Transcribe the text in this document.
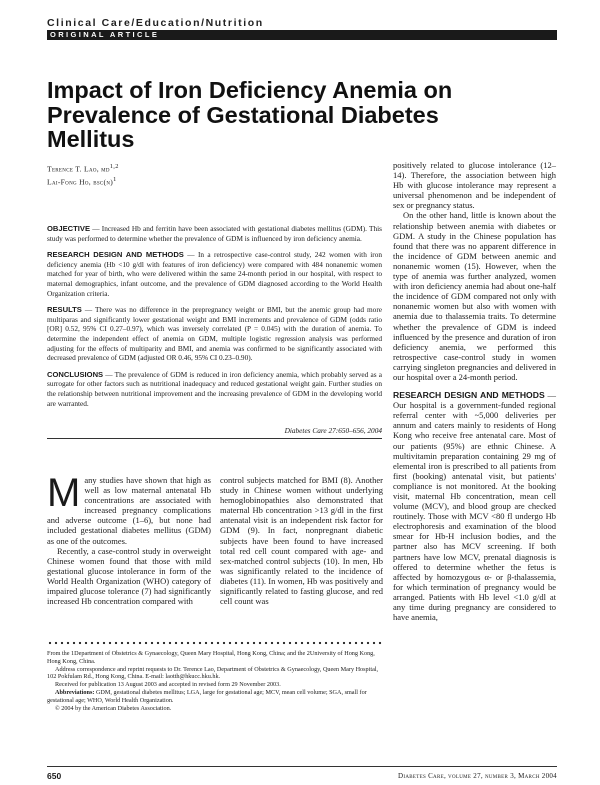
Clinical Care/Education/Nutrition
ORIGINAL ARTICLE
Impact of Iron Deficiency Anemia on Prevalence of Gestational Diabetes Mellitus
Terence T. Lao, md$^{1,2}$
Lai-Fong Ho, $bsc(n)^1$

OBJECTIVE — Increased Hb and ferritin have been associated with gestational diabetes mellitus (GDM). This study was performed to determine whether the prevalence of GDM is influenced by iron deficiency anemia.

RESEARCH DESIGN AND METHODS — In a retrospective case-control study, 242 women with iron deficiency anemia (Hb <10 g/dl with features of iron deficiency) were compared with 484 nonanemic women matched for year of birth, who were delivered within the same 24-month period in our hospital, with respect to maternal demographics, infant outcome, and the prevalence of GDM diagnosed according to the World Health Organization criteria.

RESULTS — There was no difference in the prepregnancy weight or BMI, but the anemic group had more multiparas and significantly lower gestational weight and BMI increments and prevalence of GDM (odds ratio [OR] 0.52, 95% CI 0.27–0.97), which was inversely correlated (P = 0.045) with the duration of anemia. To determine the independent effect of anemia on GDM, multiple logistic regression analysis was performed adjusting for the effects of multiparity and BMI, and anemia was confirmed to be significantly associated with decreased prevalence of GDM (adjusted OR 0.46, 95% CI 0.23–0.90).

CONCLUSIONS — The prevalence of GDM is reduced in iron deficiency anemia, which probably served as a surrogate for other factors such as nutritional inadequacy and reduced gestational weight gain. Further studies on the relationship between nutritional improvement and the increasing prevalence of GDM in the developing world are warranted.

Diabetes Care 27:650–656, 2004

Many studies have shown that high as well as low maternal antenatal Hb concentrations are associated with increased pregnancy complications and adverse outcome (1–6), but none had included gestational diabetes mellitus (GDM) as one of the outcomes.

Recently, a case-control study in overweight Chinese women found that those with mild gestational glucose intolerance in form of the World Health Organization (WHO) category of impaired glucose tolerance (7) had significantly increased Hb concentration compared with

control subjects matched for BMI (8). Another study in Chinese women without underlying hemoglobinopathies also demonstrated that maternal Hb concentration >13 g/dl in the first antenatal visit is an independent risk factor for GDM (9). In fact, nonpregnant diabetic subjects have been found to have increased total red cell count compared with age- and sex-matched control subjects (10). In men, Hb was significantly related to the incidence of diabetes (11). In women, Hb was positively and significantly related to fasting glucose, and red cell count was

positively related to glucose intolerance (12–14). Therefore, the association between high Hb with glucose intolerance may represent a universal phenomenon and be independent of sex or pregnancy status.

On the other hand, little is known about the relationship between anemia with diabetes or GDM. A study in the Chinese population has found that there was no apparent difference in the incidence of GDM between anemic and nonanemic women (15). However, when the type of anemia was further analyzed, women with iron deficiency anemia had about one-half the incidence of GDM compared not only with nonanemic women but also with women with anemia due to thalassemia traits. To determine whether the prevalence of GDM is indeed influenced by the presence and duration of iron deficiency anemia, we performed this retrospective case-control study in women carrying singleton pregnancies and delivered in our hospital over a 24-month period.

RESEARCH DESIGN AND METHODS — Our hospital is a government-funded regional referral center with ~5,000 deliveries per annum and caters mainly to residents of Hong Kong who receive free antenatal care. Most of our patients (95%) are ethnic Chinese. A multivitamin preparation containing 29 mg of elemental iron is prescribed to all patients from first (booking) antenatal visit, but patients' compliance is not monitored. At the booking visit, maternal Hb concentration, mean cell volume (MCV), and blood group are checked routinely. Those with MCV <80 fl undergo Hb electrophoresis and examination of the blood smear for Hb-H inclusion bodies, and the partner also has MCV screening. If both partners have low MCV, prenatal diagnosis is offered to determine whether the fetus is affected by homozygous α- or β-thalassemia, for which termination of pregnancy would be arranged. Patients with Hb level <1.0 g/dl at any time during pregnancy are considered to have anemia,

From the 1Department of Obstetrics & Gynaecology, Queen Mary Hospital, Hong Kong, China; and the 2University of Hong Kong, Hong Kong, China.

Address correspondence and reprint requests to Dr. Terence Lao, Department of Obstetrics & Gynaecology, Queen Mary Hospital, 102 Pokfulam Rd., Hong Kong, China. E-mail: laotth@hkucc.hku.hk.

Received for publication 13 August 2003 and accepted in revised form 29 November 2003.

Abbreviations: GDM, gestational diabetes mellitus; LGA, large for gestational age; MCV, mean cell volume; SGA, small for gestational age; WHO, World Health Organization.

© 2004 by the American Diabetes Association.

650	Diabetes Care, volume 27, number 3, March 2004
